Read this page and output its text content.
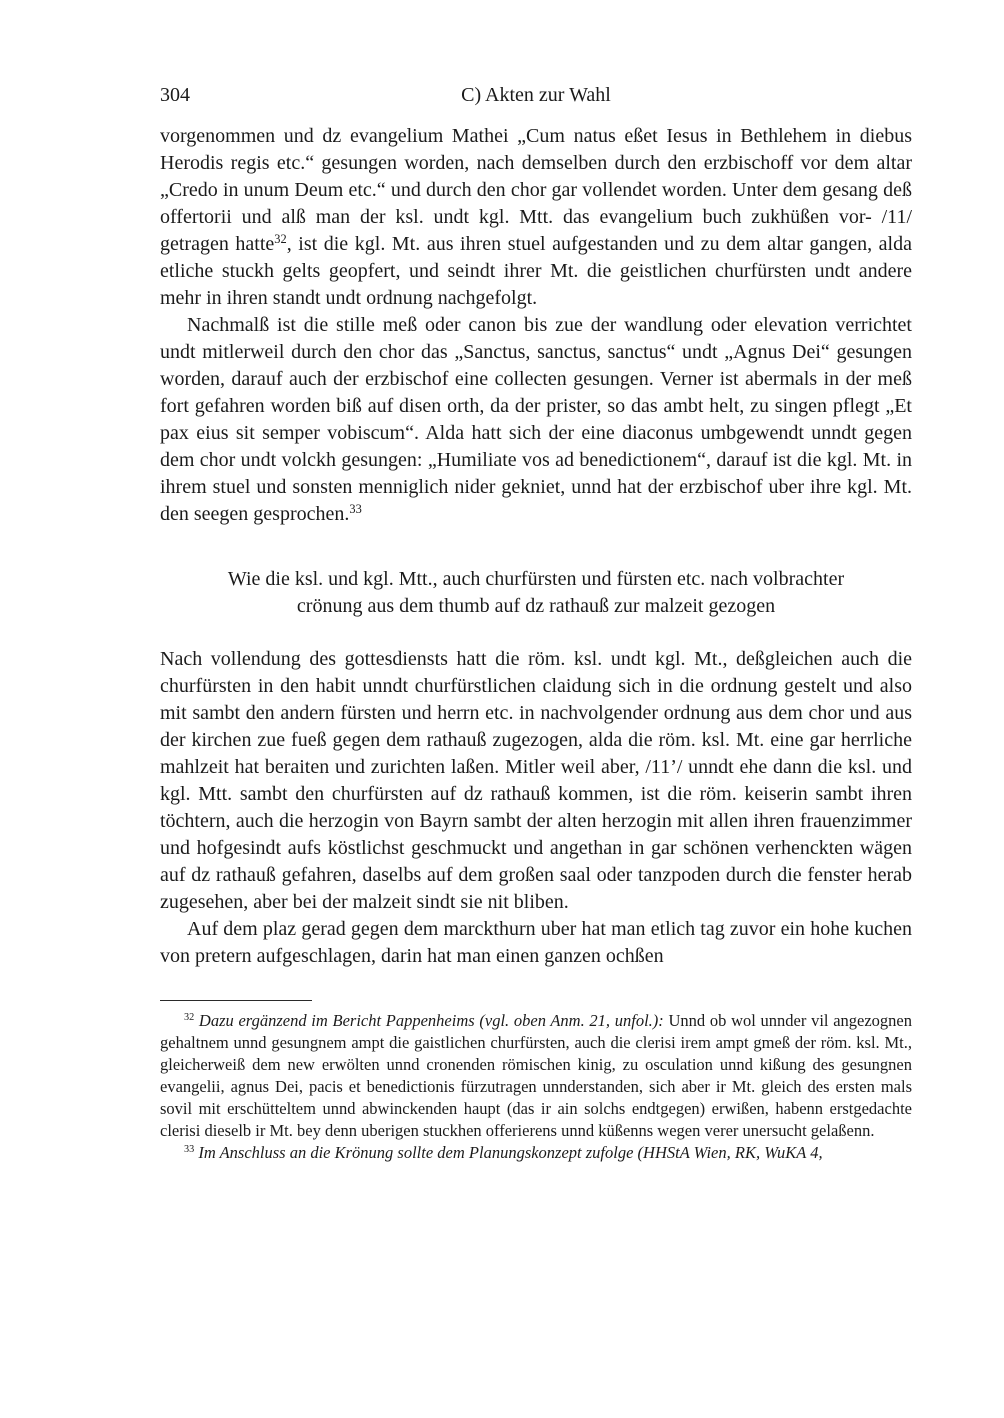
304	C) Akten zur Wahl

vorgenommen und dz evangelium Mathei „Cum natus eßet Iesus in Bethlehem in diebus Herodis regis etc.“ gesungen worden, nach demselben durch den erzbischoff vor dem altar „Credo in unum Deum etc.“ und durch den chor gar vollendet worden. Unter dem gesang deß offertorii und alß man der ksl. undt kgl. Mtt. das evangelium buch zukhüßen vor- /11/ getragen hatte$^{32}$, ist die kgl. Mt. aus ihren stuel aufgestanden und zu dem altar gangen, alda etliche stuckh gelts geopfert, und seindt ihrer Mt. die geistlichen churfürsten undt andere mehr in ihren standt undt ordnung nachgefolgt.

Nachmalß ist die stille meß oder canon bis zue der wandlung oder elevation verrichtet undt mitlerweil durch den chor das „Sanctus, sanctus, sanctus“ undt „Agnus Dei“ gesungen worden, darauf auch der erzbischof eine collecten gesungen. Verner ist abermals in der meß fort gefahren worden biß auf disen orth, da der prister, so das ambt helt, zu singen pflegt „Et pax eius sit semper vobiscum“. Alda hatt sich der eine diaconus umbgewendt unndt gegen dem chor undt volckh gesungen: „Humiliate vos ad benedictionem“, darauf ist die kgl. Mt. in ihrem stuel und sonsten menniglich nider gekniet, unnd hat der erzbischof uber ihre kgl. Mt. den seegen gesprochen.$^{33}$

Wie die ksl. und kgl. Mtt., auch churfürsten und fürsten etc. nach volbrachter
crönung aus dem thumb auf dz rathauß zur malzeit gezogen

Nach vollendung des gottesdiensts hatt die röm. ksl. undt kgl. Mt., deßgleichen auch die churfürsten in den habit unndt churfürstlichen claidung sich in die ordnung gestelt und also mit sambt den andern fürsten und herrn etc. in nachvolgender ordnung aus dem chor und aus der kirchen zue fueß gegen dem rathauß zugezogen, alda die röm. ksl. Mt. eine gar herrliche mahlzeit hat beraiten und zurichten laßen. Mitler weil aber, /11’/ unndt ehe dann die ksl. und kgl. Mtt. sambt den churfürsten auf dz rathauß kommen, ist die röm. keiserin sambt ihren töchtern, auch die herzogin von Bayrn sambt der alten herzogin mit allen ihren frauenzimmer und hofgesindt aufs köstlichst geschmuckt und angethan in gar schönen verhenckten wägen auf dz rathauß gefahren, daselbs auf dem großen saal oder tanzpoden durch die fenster herab zugesehen, aber bei der malzeit sindt sie nit bliben.

Auf dem plaz gerad gegen dem marckthurn uber hat man etlich tag zuvor ein hohe kuchen von pretern aufgeschlagen, darin hat man einen ganzen ochßen

$^{32}$ Dazu ergänzend im Bericht Pappenheims (vgl. oben Anm. 21, unfol.): Unnd ob wol unnder vil angezognen gehaltnem unnd gesungnem ampt die gaistlichen churfürsten, auch die clerisi irem ampt gmeß der röm. ksl. Mt., gleicherweiß dem new erwölten unnd cronenden römischen kinig, zu osculation unnd kißung des gesungnen evangelii, agnus Dei, pacis et benedictionis fürzutragen unnderstanden, sich aber ir Mt. gleich des ersten mals sovil mit erschütteltem unnd abwinckenden haupt (das ir ain solchs endtgegen) erwißen, habenn erstgedachte clerisi dieselb ir Mt. bey denn uberigen stuckhen offerierens unnd küßenns wegen verer unersucht gelaßenn.

$^{33}$ Im Anschluss an die Krönung sollte dem Planungskonzept zufolge (HHStA Wien, RK, WuKA 4,
